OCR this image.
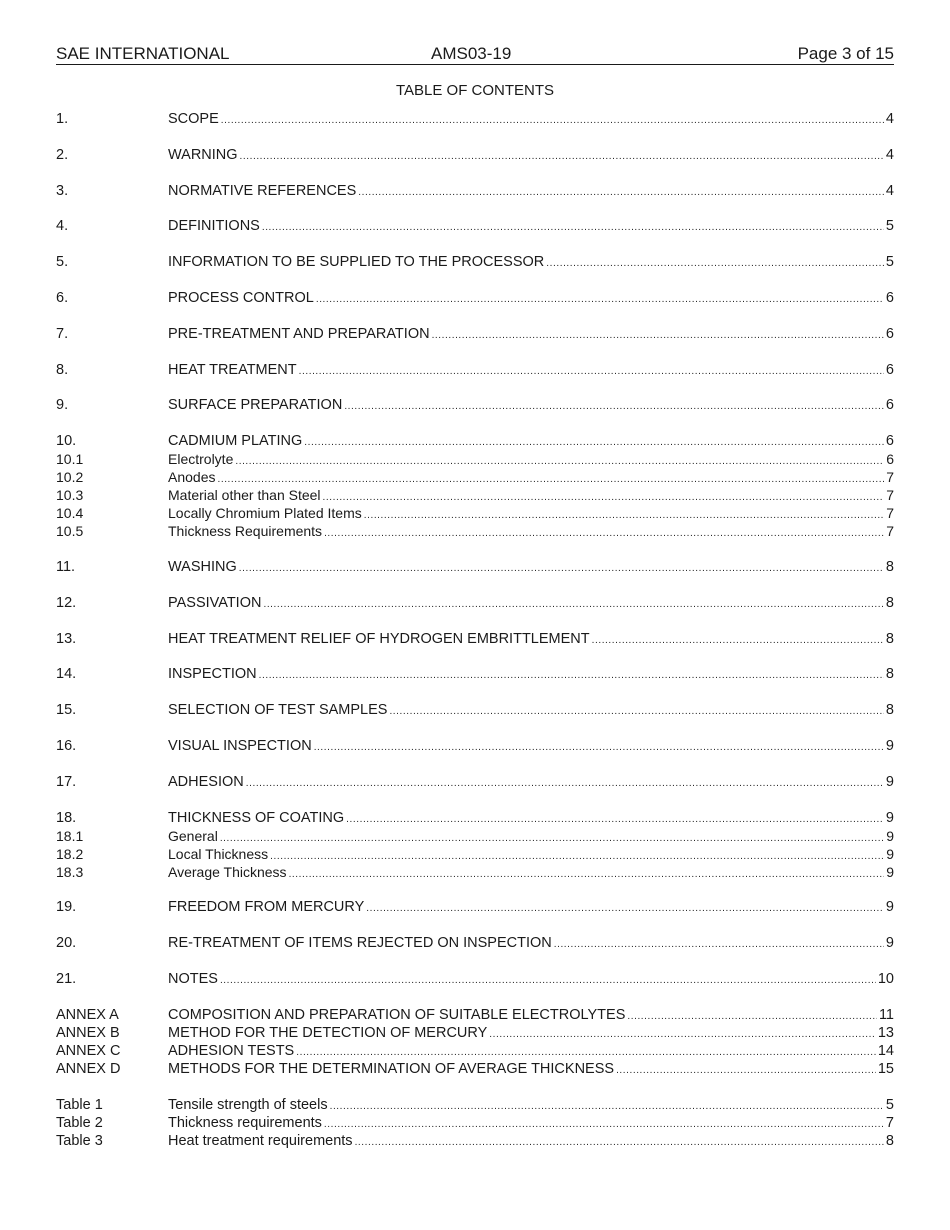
SAE INTERNATIONAL	AMS03-19	Page 3 of 15
TABLE OF CONTENTS
1.	SCOPE . . .	4
2.	WARNING . . .	4
3.	NORMATIVE REFERENCES . . .	4
4.	DEFINITIONS . . .	5
5.	INFORMATION TO BE SUPPLIED TO THE PROCESSOR . . .	5
6.	PROCESS CONTROL . . .	6
7.	PRE-TREATMENT AND PREPARATION . . .	6
8.	HEAT TREATMENT . . .	6
9.	SURFACE PREPARATION . . .	6
10.	CADMIUM PLATING . . .	6
10.1	Electrolyte . . .	6
10.2	Anodes . . .	7
10.3	Material other than Steel . . .	7
10.4	Locally Chromium Plated Items . . .	7
10.5	Thickness Requirements . . .	7
11.	WASHING . . .	8
12.	PASSIVATION . . .	8
13.	HEAT TREATMENT RELIEF OF HYDROGEN EMBRITTLEMENT . . .	8
14.	INSPECTION . . .	8
15.	SELECTION OF TEST SAMPLES . . .	8
16.	VISUAL INSPECTION . . .	9
17.	ADHESION . . .	9
18.	THICKNESS OF COATING . . .	9
18.1	General . . .	9
18.2	Local Thickness . . .	9
18.3	Average Thickness . . .	9
19.	FREEDOM FROM MERCURY . . .	9
20.	RE-TREATMENT OF ITEMS REJECTED ON INSPECTION . . .	9
21.	NOTES . . .	10
ANNEX A	COMPOSITION AND PREPARATION OF SUITABLE ELECTROLYTES . . .	11
ANNEX B	METHOD FOR THE DETECTION OF MERCURY . . .	13
ANNEX C	ADHESION TESTS . . .	14
ANNEX D	METHODS FOR THE DETERMINATION OF AVERAGE THICKNESS . . .	15
Table 1	Tensile strength of steels . . .	5
Table 2	Thickness requirements . . .	7
Table 3	Heat treatment requirements . . .	8
